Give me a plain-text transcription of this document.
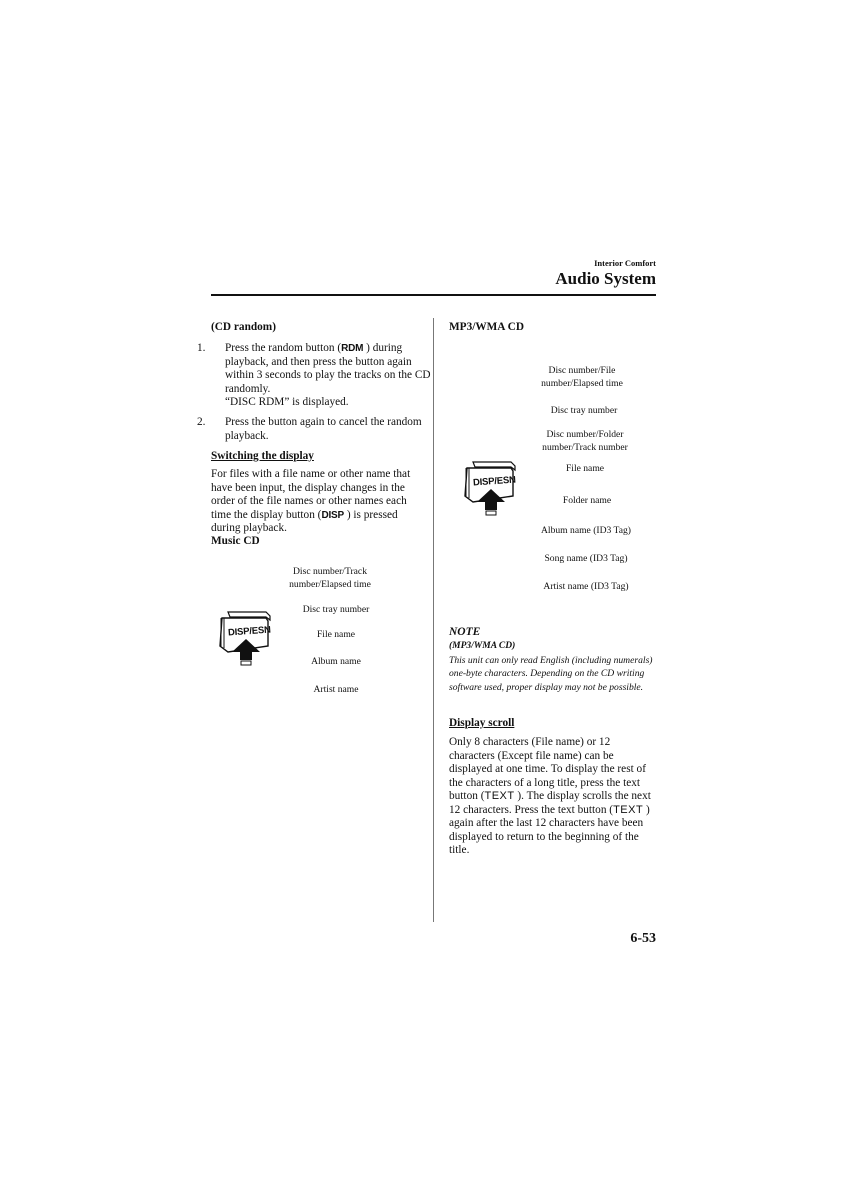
Interior Comfort
Audio System
(CD random)
1. Press the random button (RDM ) during playback, and then press the button again within 3 seconds to play the tracks on the CD randomly.
“DISC RDM” is displayed.
2. Press the button again to cancel the random playback.
Switching the display
For files with a file name or other name that have been input, the display changes in the order of the file names or other names each time the display button (DISP ) is pressed during playback.
Music CD
Disc number/Track number/Elapsed time
Disc tray number
File name
Album name
Artist name
DISP/ESN
MP3/WMA CD
Disc number/File number/Elapsed time
Disc tray number
Disc number/Folder number/Track number
File name
Folder name
Album name (ID3 Tag)
Song name (ID3 Tag)
Artist name (ID3 Tag)
DISP/ESN
NOTE
(MP3/WMA CD)
This unit can only read English (including numerals) one-byte characters. Depending on the CD writing software used, proper display may not be possible.
Display scroll
Only 8 characters (File name) or 12 characters (Except file name) can be displayed at one time. To display the rest of the characters of a long title, press the text button (TEXT ). The display scrolls the next 12 characters. Press the text button (TEXT ) again after the last 12 characters have been displayed to return to the beginning of the title.
6-53
